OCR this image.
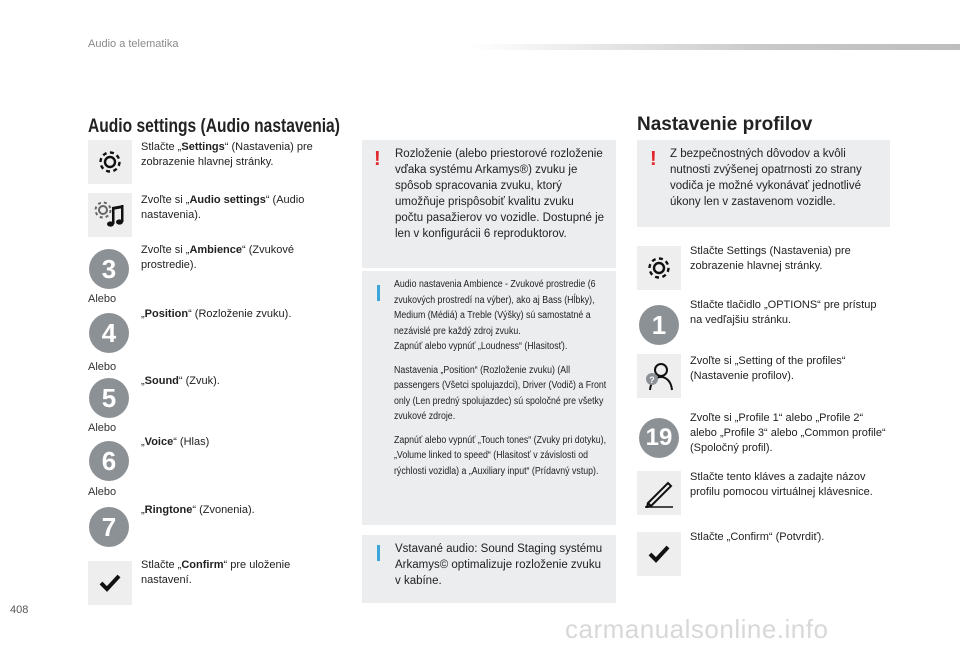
Audio a telematika
Audio settings (Audio nastavenia)
Stlačte „Settings“ (Nastavenia) pre zobrazenie hlavnej stránky.
Zvoľte si „Audio settings“ (Audio nastavenia).
3
Zvoľte si „Ambience“ (Zvukové prostredie).
Alebo
4
„Position“ (Rozloženie zvuku).
Alebo
5
„Sound“ (Zvuk).
Alebo
6
„Voice“ (Hlas)
Alebo
7
„Ringtone“ (Zvonenia).
Stlačte „Confirm“ pre uloženie nastavení.
! Rozloženie (alebo priestorové rozloženie vďaka systému Arkamys®) zvuku je spôsob spracovania zvuku, ktorý umožňuje prispôsobiť kvalitu zvuku počtu pasažierov vo vozidle. Dostupné je len v konfigurácii 6 reproduktorov.
Audio nastavenia Ambience - Zvukové prostredie (6 zvukových prostredí na výber), ako aj Bass (Hĺbky), Medium (Médiá) a Treble (Výšky) sú samostatné a nezávislé pre každý zdroj zvuku.
Zapnúť alebo vypnúť „Loudness“ (Hlasitosť).
Nastavenia „Position“ (Rozloženie zvuku) (All passengers (Všetci spolujazdci), Driver (Vodič) a Front only (Len predný spolujazdec) sú spoločné pre všetky zvukové zdroje.
Zapnúť alebo vypnúť „Touch tones“ (Zvuky pri dotyku), „Volume linked to speed“ (Hlasitosť v závislosti od rýchlosti vozidla) a „Auxiliary input“ (Prídavný vstup).
Vstavané audio: Sound Staging systému Arkamys© optimalizuje rozloženie zvuku v kabíne.
Nastavenie profilov
! Z bezpečnostných dôvodov a kvôli nutnosti zvýšenej opatrnosti zo strany vodiča je možné vykonávať jednotlivé úkony len v zastavenom vozidle.
Stlačte Settings (Nastavenia) pre zobrazenie hlavnej stránky.
1
Stlačte tlačidlo „OPTIONS“ pre prístup na vedľajšiu stránku.
?
Zvoľte si „Setting of the profiles“ (Nastavenie profilov).
19
Zvoľte si „Profile 1“ alebo „Profile 2“ alebo „Profile 3“ alebo „Common profile“ (Spoločný profil).
Stlačte tento kláves a zadajte názov profilu pomocou virtuálnej klávesnice.
Stlačte „Confirm“ (Potvrdiť).
408
carmanualsonline.info
